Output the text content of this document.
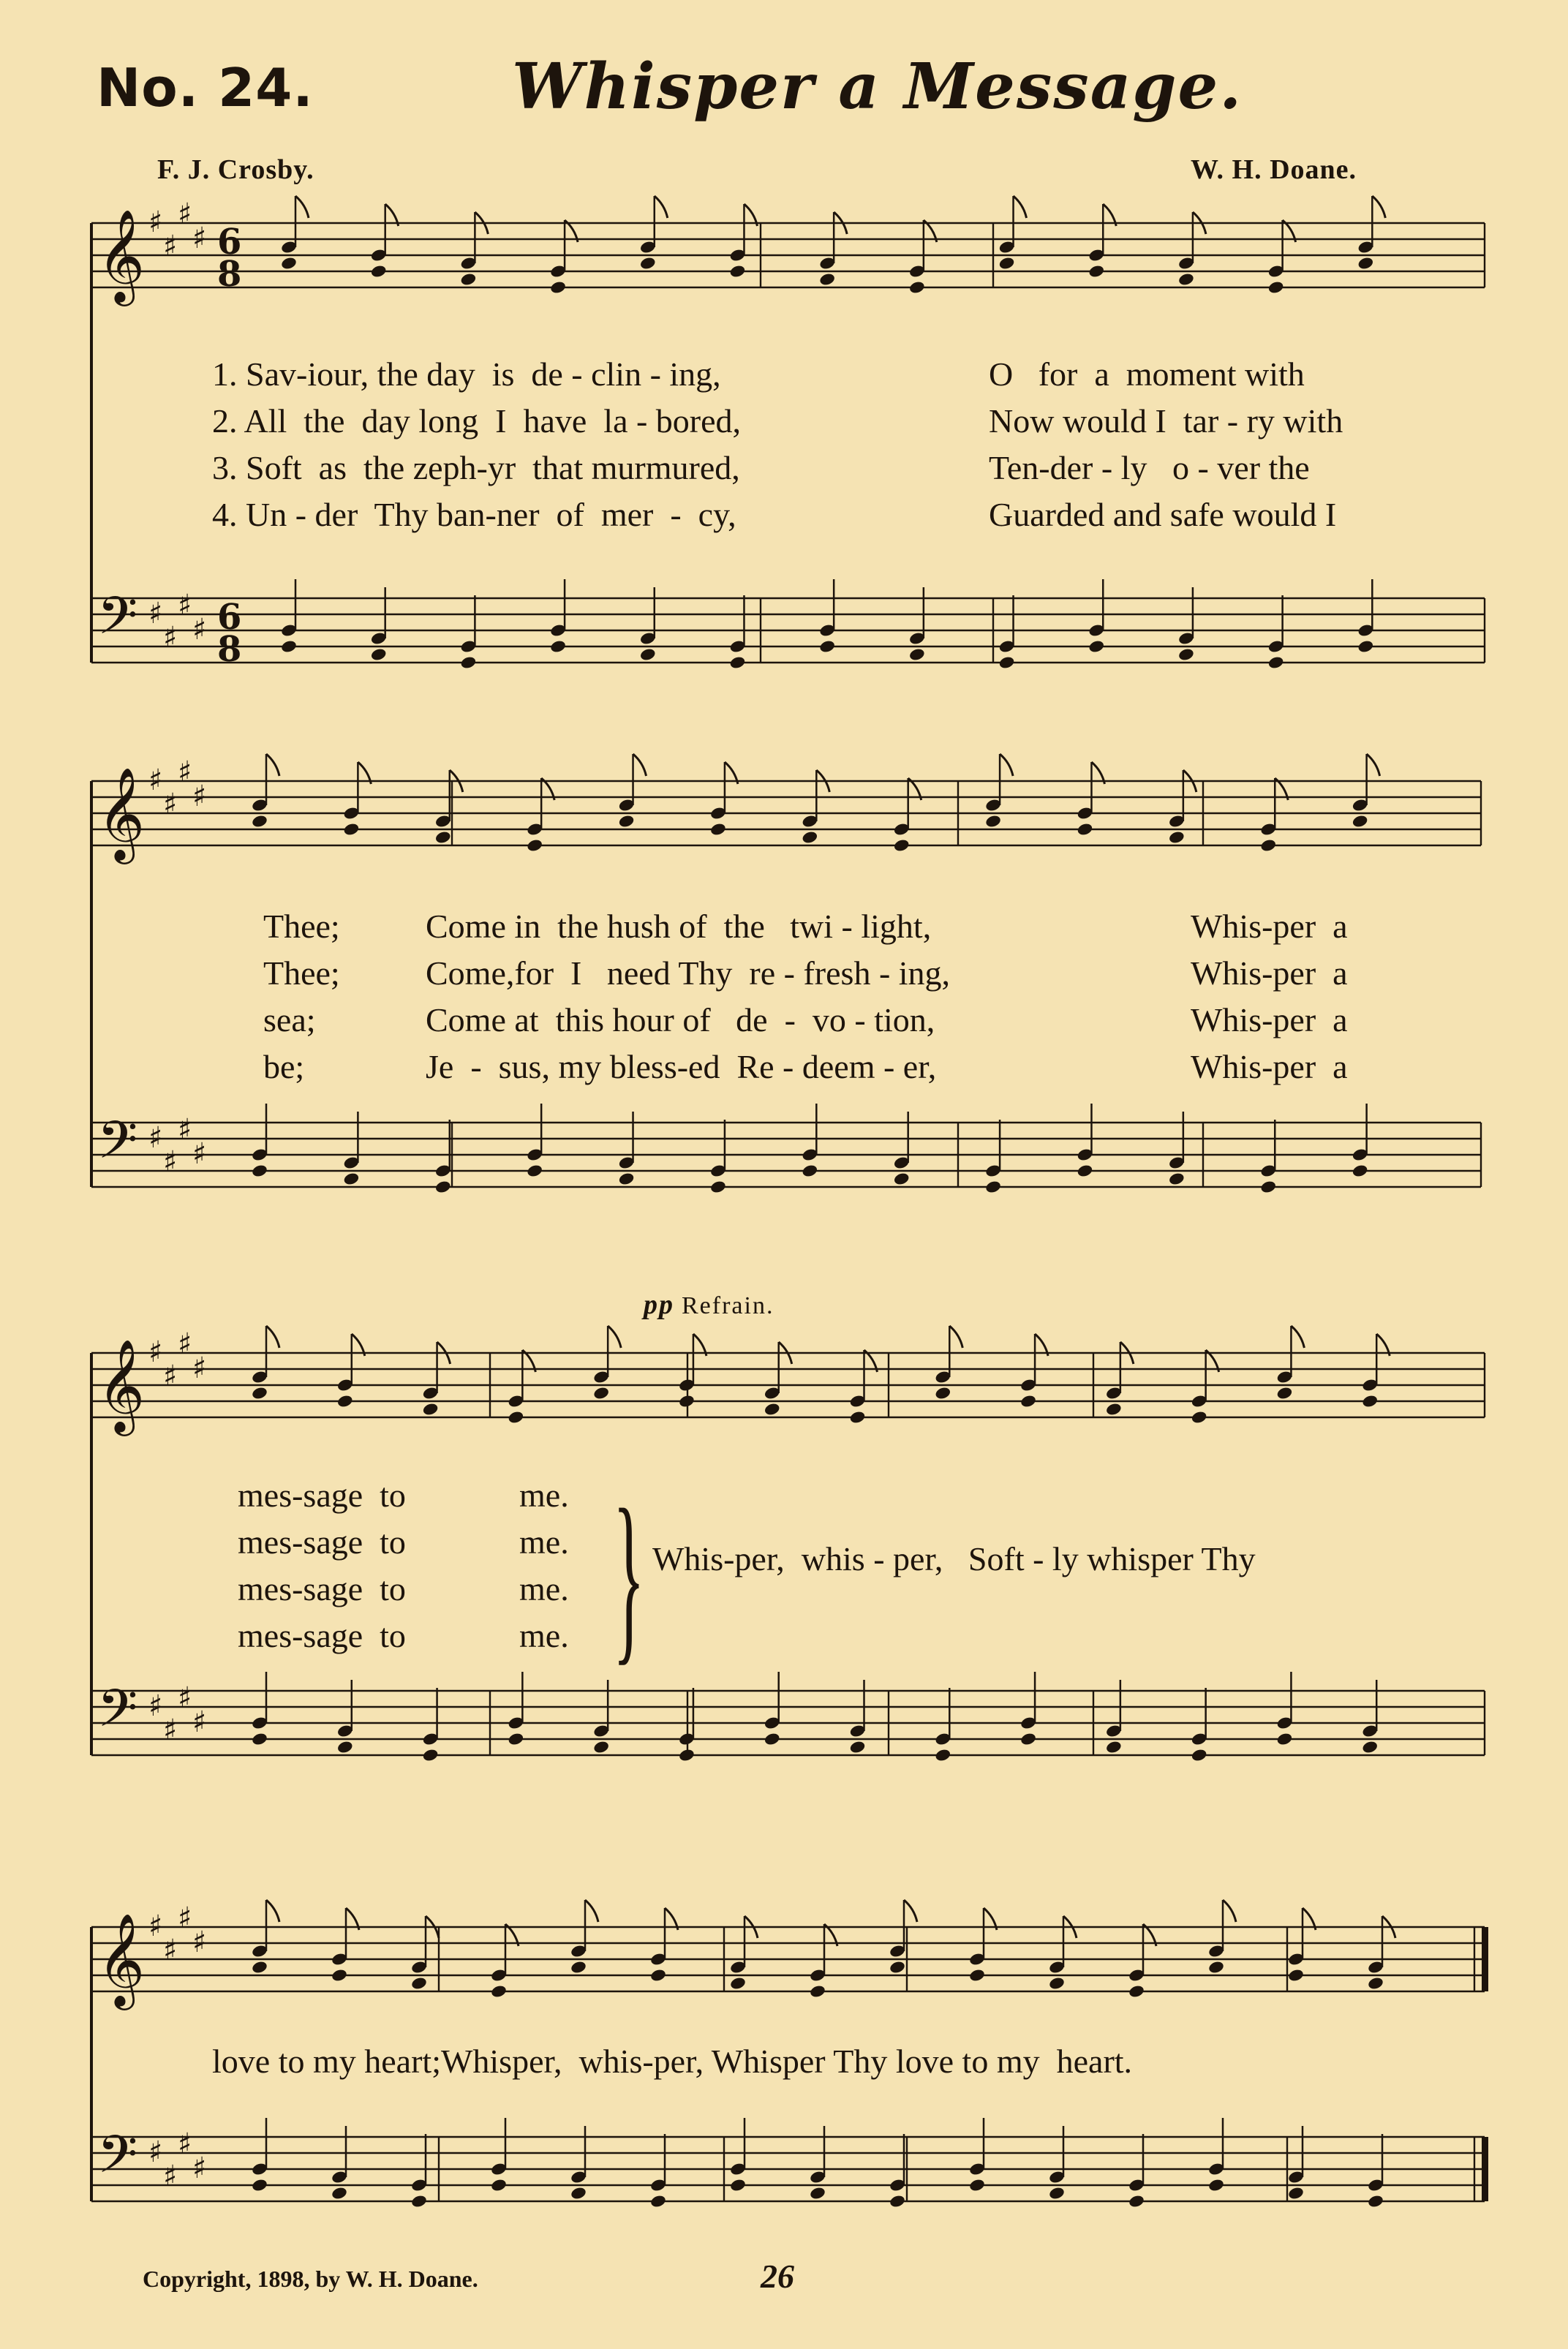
No. 24.	Whisper a Message.
F. J. Crosby.	W. H. Doane.
𝄞 ♯
♯
♯
♯ 6
8
𝄢 ♯
♯
♯
♯ 6
8
𝄞 ♯
♯
♯
♯
𝄢 ♯
♯
♯
♯
𝄞 ♯
♯
♯
♯
𝄢 ♯
♯
♯
♯
𝄞 ♯
♯
♯
♯
𝄢 ♯
♯
♯
♯
1. Sav-iour, the day  is  de - clin - ing,	O   for  a  moment with
2. All  the  day long  I  have  la - bored,	Now would I  tar - ry with
3. Soft  as  the zeph-yr  that murmured,	Ten-der - ly   o - ver the
4. Un - der  Thy ban-ner  of  mer  -  cy,	Guarded and safe would I
Thee;	Come in  the hush of  the   twi - light,	Whis-per  a
Thee;	Come,for  I   need Thy  re - fresh - ing,	Whis-per  a
sea;	Come at  this hour of   de  -  vo - tion,	Whis-per  a
be;	Je  -  sus, my bless-ed  Re - deem - er,	Whis-per  a
pp Refrain.
mes-sage  to	me.
mes-sage  to	me.
mes-sage  to	me.
mes-sage  to	me. } Whis-per,  whis - per,   Soft - ly whisper Thy
love to my heart;Whisper,  whis-per, Whisper Thy love to my  heart.
Copyright, 1898, by W. H. Doane.	26
